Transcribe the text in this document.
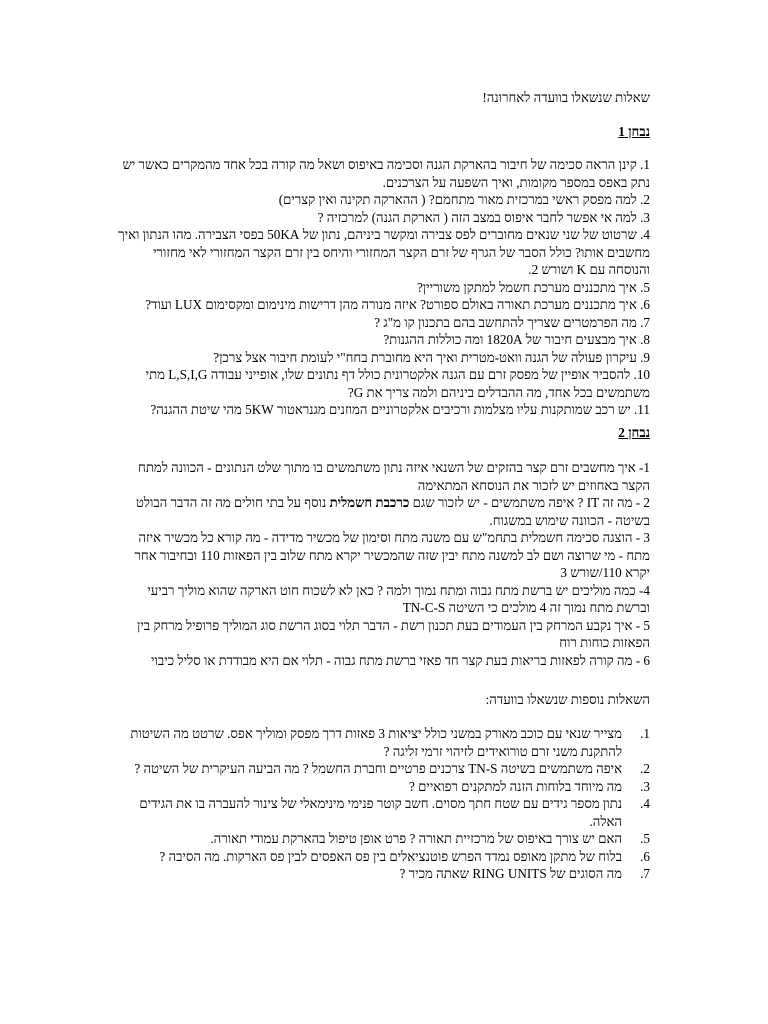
שאלות שנשאלו בוועדה לאחרונה!
נבחן 1

1. קינן הראה סכימה של חיבור בהארקת הגנה וסכימה באיפוס ושאל מה קורה בכל אחד מהמקרים כאשר יש נתק באפס במספר מקומות, ואיך השפעה על הצרכנים.

2. למה מפסק ראשי במרכזית מאור מתחמם? ( ההארקה תקינה ואין קצרים)

3. למה אי אפשר לחבר איפוס במצב הזה ( הארקת הגנה) למרכזיה ?

4. שרטוט של שני שנאים מחוברים לפס צבירה ומקשר ביניהם, נתון של 50KA בפסי הצבירה. מהו הנתון ואיך מחשבים אותו? כולל הסבר של הגרף של זרם הקצר המחזורי והיחס בין זרם הקצר המחזורי לאי מחזורי והנוסחה עם K ושורש 2.

5. איך מתכננים מערכת חשמל למתקן משוריין?

6. איך מתכננים מערכת תאורה באולם ספורט? איזה מנורה מהן דרישות מינימום ומקסימום LUX ועוד?

7. מה הפרמטרים שצריך להתחשב בהם בתכנון קו מ"ג ?

8. איך מבצעים חיבור של 1820A ומה כוללות ההגנות?

9. עיקרון פעולה של הגנה וואט-מטרית ואיך היא מחוברת בחח"י לעומת חיבור אצל צרכן?

10. להסביר אופיין של מפסק זרם עם הגנה אלקטרונית כולל דף נתונים שלו, אופייני עבודה L,S,I,G מתי משתמשים בכל אחד, מה ההבדלים ביניהם ולמה צריך את G?

11. יש רכב שמותקנות עליו מצלמות ורכיבים אלקטרוניים המוזנים מגנראטור 5KW מהי שיטת ההגנה?

נבחן 2

1- איך מחשבים זרם קצר בהזקים של השנאי איזה נתון משתמשים בו מתוך שלט הנתונים - הכוונה למתח הקצר באחוזים יש לזכור את הנוסחא המתאימה

2 - מה זה IT ? איפה משתמשים - יש לזכור שגם כרכבת חשמלית נוסף על בתי חולים מה זה הדבר הבולט בשיטה - הכוונה שימוש במשגוח.

3 - הוצגה סכימה חשמלית בתחמ"ש עם משנה מתח וסימון של מכשיר מדידה - מה קורא כל מכשיר איזה מתח - מי שרוצה ושם לב למשנה מתח יבין שזה שהמכשיר יקרא מתח שלוב בין הפאזות 110 ובחיבור אחר יקרא 110/שורש 3

4- כמה מוליכים יש ברשת מתח גבוה ומתח נמוך ולמה ? כאן לא לשכוח חוט הארקה שהוא מוליך רביעי וברשת מתח נמוך זה 4 מולכים כי השיטה TN-C-S

5 - איך נקבע המרחק בין העמודים בעת תכנון רשת - הדבר תלוי בסוג הרשת סוג המוליך פרופיל מרחק בין הפאזות כוחות רוח

6 - מה קורה לפאזות בריאות בעת קצר חד פאזי ברשת מתח גבוה - תלוי אם היא מבודדת או סליל כיבוי

השאלות נוספות שנשאלו בוועדה:
1.
מצייר שנאי עם כוכב מאורק במשני כולל יציאות 3 פאזות דרך מפסק ומוליך אפס. שרטט מה השיטות להתקנת משני זרם טורואידים לזיהוי זרמי זליגה ?
2.
איפה משתמשים בשיטה TN-S צרכנים פרטיים וחברת החשמל ? מה הביעה העיקרית של השיטה ?
3.
מה מיוחד בלוחות הזנה למתקנים רפואיים ?
4.
נתון מספר גידים עם שטח חתך מסוים. חשב קוטר פנימי מינימאלי של צינור להעברה בו את הגידים האלה.
5.
האם יש צורך באיפוס של מרכזיית תאורה ? פרט אופן טיפול בהארקת עמודי תאורה.
6.
בלוח של מתקן מאופס נמדד הפרש פוטנציאלים בין פס האפסים לבין פס הארקות. מה הסיבה ?
7.
מה הסוגים של RING UNITS שאתה מכיר ?
